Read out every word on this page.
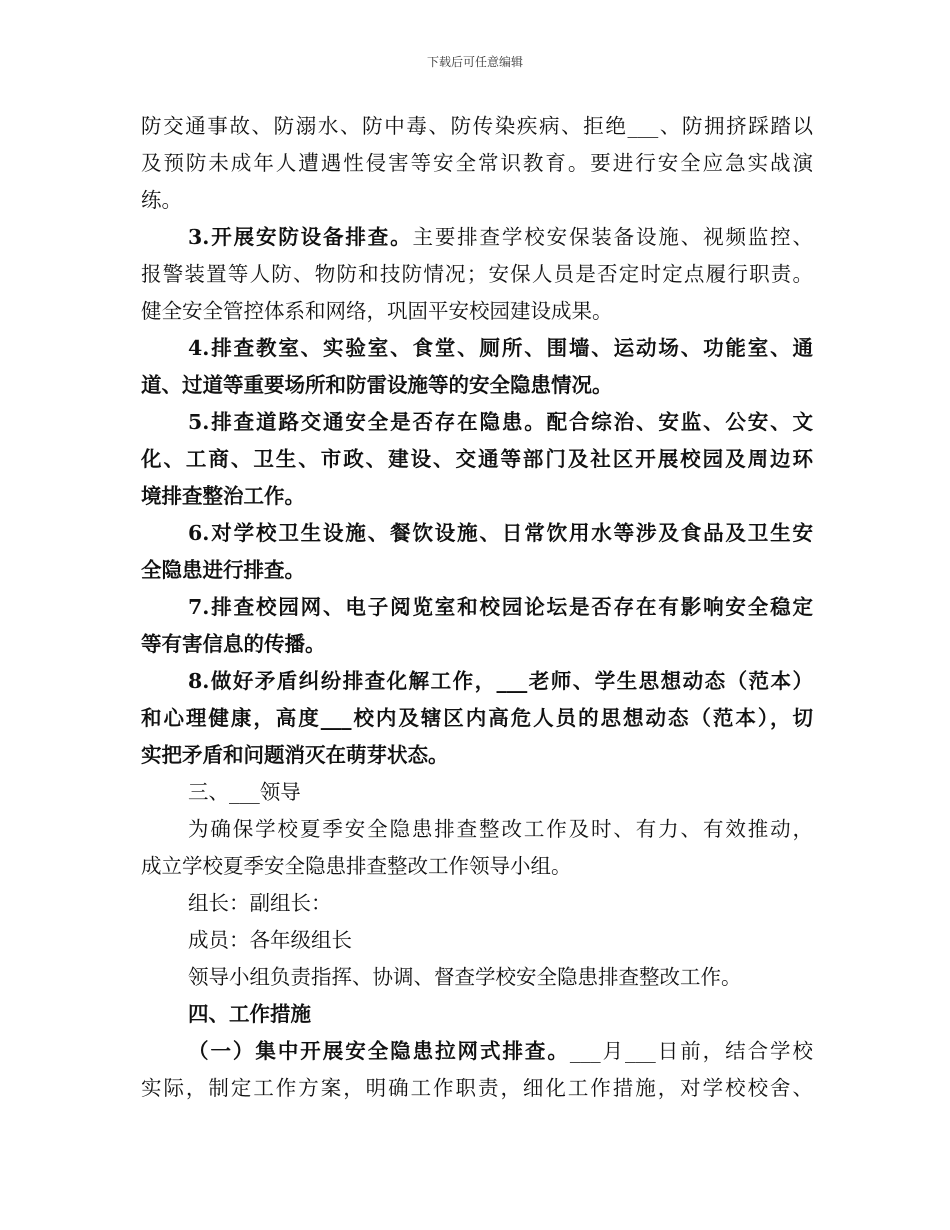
下载后可任意编辑
防交通事故、防溺水、防中毒、防传染疾病、拒绝___、防拥挤踩踏以
及预防未成年人遭遇性侵害等安全常识教育。要进行安全应急实战演
练。
3.开展安防设备排查。主要排查学校安保装备设施、视频监控、
报警装置等人防、物防和技防情况；安保人员是否定时定点履行职责。
健全安全管控体系和网络，巩固平安校园建设成果。
4.排查教室、实验室、食堂、厕所、围墙、运动场、功能室、通
道、过道等重要场所和防雷设施等的安全隐患情况。
5.排查道路交通安全是否存在隐患。配合综治、安监、公安、文
化、工商、卫生、市政、建设、交通等部门及社区开展校园及周边环
境排查整治工作。
6.对学校卫生设施、餐饮设施、日常饮用水等涉及食品及卫生安
全隐患进行排查。
7.排查校园网、电子阅览室和校园论坛是否存在有影响安全稳定
等有害信息的传播。
8.做好矛盾纠纷排查化解工作，___老师、学生思想动态（范本）
和心理健康，高度___校内及辖区内高危人员的思想动态（范本），切
实把矛盾和问题消灭在萌芽状态。
三、___领导
为确保学校夏季安全隐患排查整改工作及时、有力、有效推动，
成立学校夏季安全隐患排查整改工作领导小组。
组长：副组长：
成员：各年级组长
领导小组负责指挥、协调、督查学校安全隐患排查整改工作。
四、工作措施
（一）集中开展安全隐患拉网式排查。___月___日前，结合学校
实际，制定工作方案，明确工作职责，细化工作措施，对学校校舍、
